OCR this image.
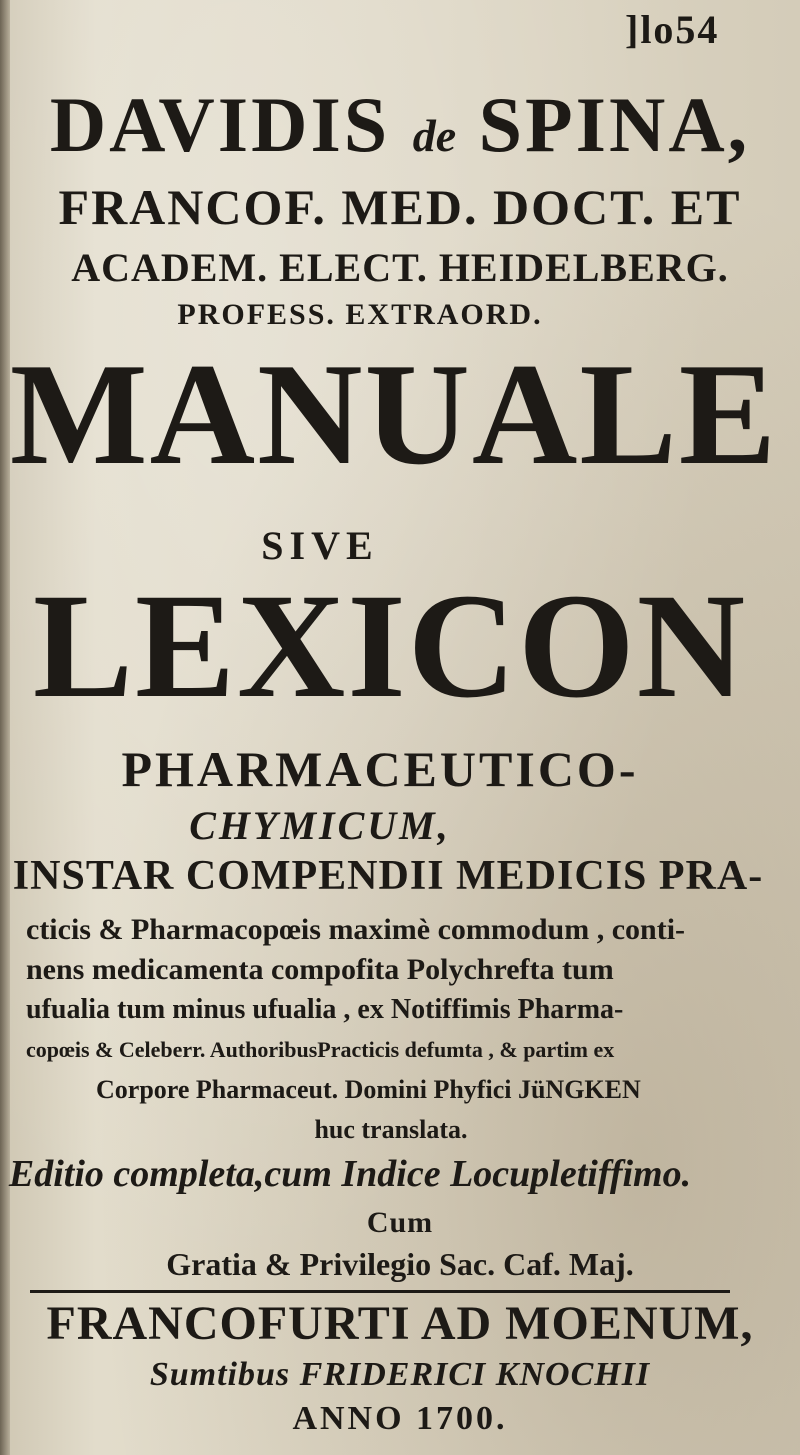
]lo54
DAVIDIS de SPINA,
FRANCOF. MED. DOCT. ET
ACADEM. ELECT. HEIDELBERG.
PROFESS. EXTRAORD.
MANUALE
SIVE
LEXICON
PHARMACEUTICO-
CHYMICUM,
INSTAR COMPENDII MEDICIS PRA-
cticis & Pharmacopœis maximè commodum , conti-
nens medicamenta compofita Polychrefta tum
ufualia tum minus ufualia , ex Notiffimis Pharma-
copœis & Celeberr. AuthoribusPracticis defumta , & partim ex
Corpore Pharmaceut. Domini Phyfici JüNGKEN
huc translata.
Editio completa,cum Indice Locupletiffimo.
Cum
Gratia & Privilegio Sac. Caf. Maj.
FRANCOFURTI AD MOENUM,
Sumtibus FRIDERICI KNOCHII
ANNO 1700.
